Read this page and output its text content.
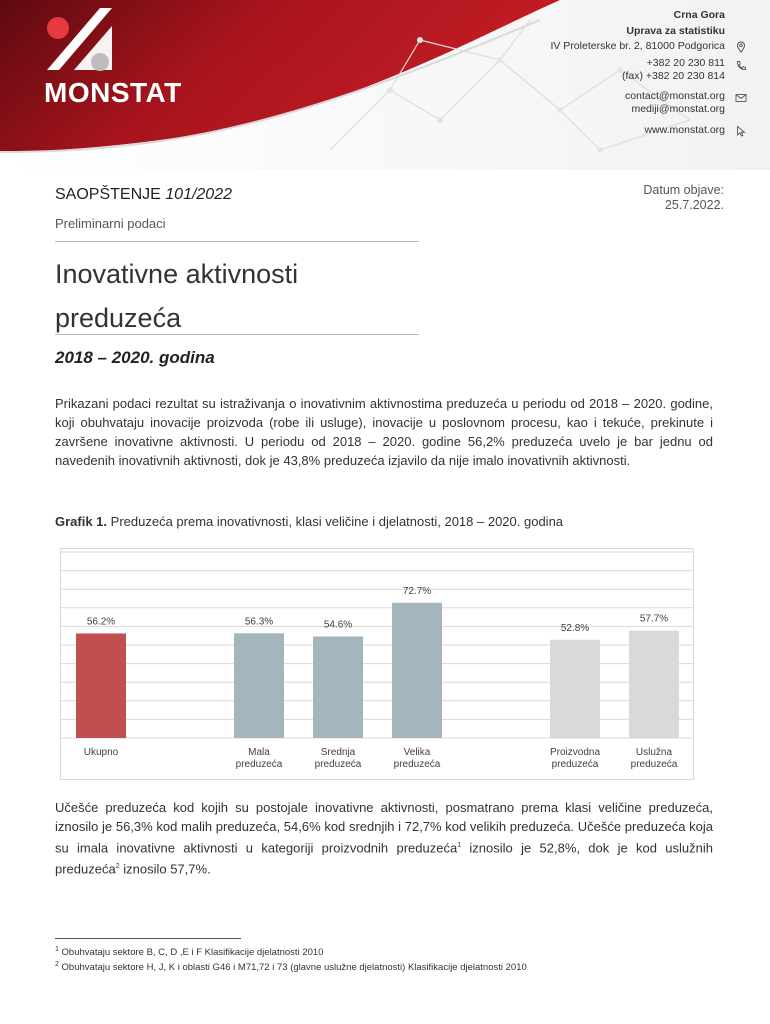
MONSTAT
Crna Gora
Uprava za statistiku
IV Proleterske br. 2, 81000 Podgorica
+382 20 230 811
(fax) +382 20 230 814
contact@monstat.org
mediji@monstat.org
www.monstat.org
SAOPŠTENJE 101/2022	Datum objave:
25.7.2022.
Preliminarni podaci
Inovativne aktivnosti
preduzeća
2018 – 2020. godina
Prikazani podaci rezultat su istraživanja o inovativnim aktivnostima preduzeća u periodu od 2018 – 2020. godine, koji obuhvataju inovacije proizvoda (robe ili usluge), inovacije u poslovnom procesu, kao i tekuće, prekinute i završene inovativne aktivnosti. U periodu od 2018 – 2020. godine 56,2% preduzeća uvelo je bar jednu od navedenih inovativnih aktivnosti, dok je 43,8% preduzeća izjavilo da nije imalo inovativnih aktivnosti.
Grafik 1. Preduzeća prema inovativnosti, klasi veličine i djelatnosti, 2018 – 2020. godina
56.2%
Ukupno
56.3%
Mala
preduzeća
54.6%
Srednja
preduzeća
72.7%
Velika
preduzeća
52.8%
Proizvodna
preduzeća
57.7%
Uslužna
preduzeća
Učešće preduzeća kod kojih su postojale inovativne aktivnosti, posmatrano prema klasi veličine preduzeća, iznosilo je 56,3% kod malih preduzeća, 54,6% kod srednjih i 72,7% kod velikih preduzeća. Učešće preduzeća koja su imala inovativne aktivnosti u kategoriji proizvodnih preduzeća$^1$ iznosilo je 52,8%, dok je kod uslužnih preduzeća$^2$ iznosilo 57,7%.
$^1$ Obuhvataju sektore B, C, D ,E i F Klasifikacije djelatnosti 2010
$^2$ Obuhvataju sektore H, J, K i oblasti G46 i M71,72 i 73 (glavne uslužne djelatnosti) Klasifikacije djelatnosti 2010
